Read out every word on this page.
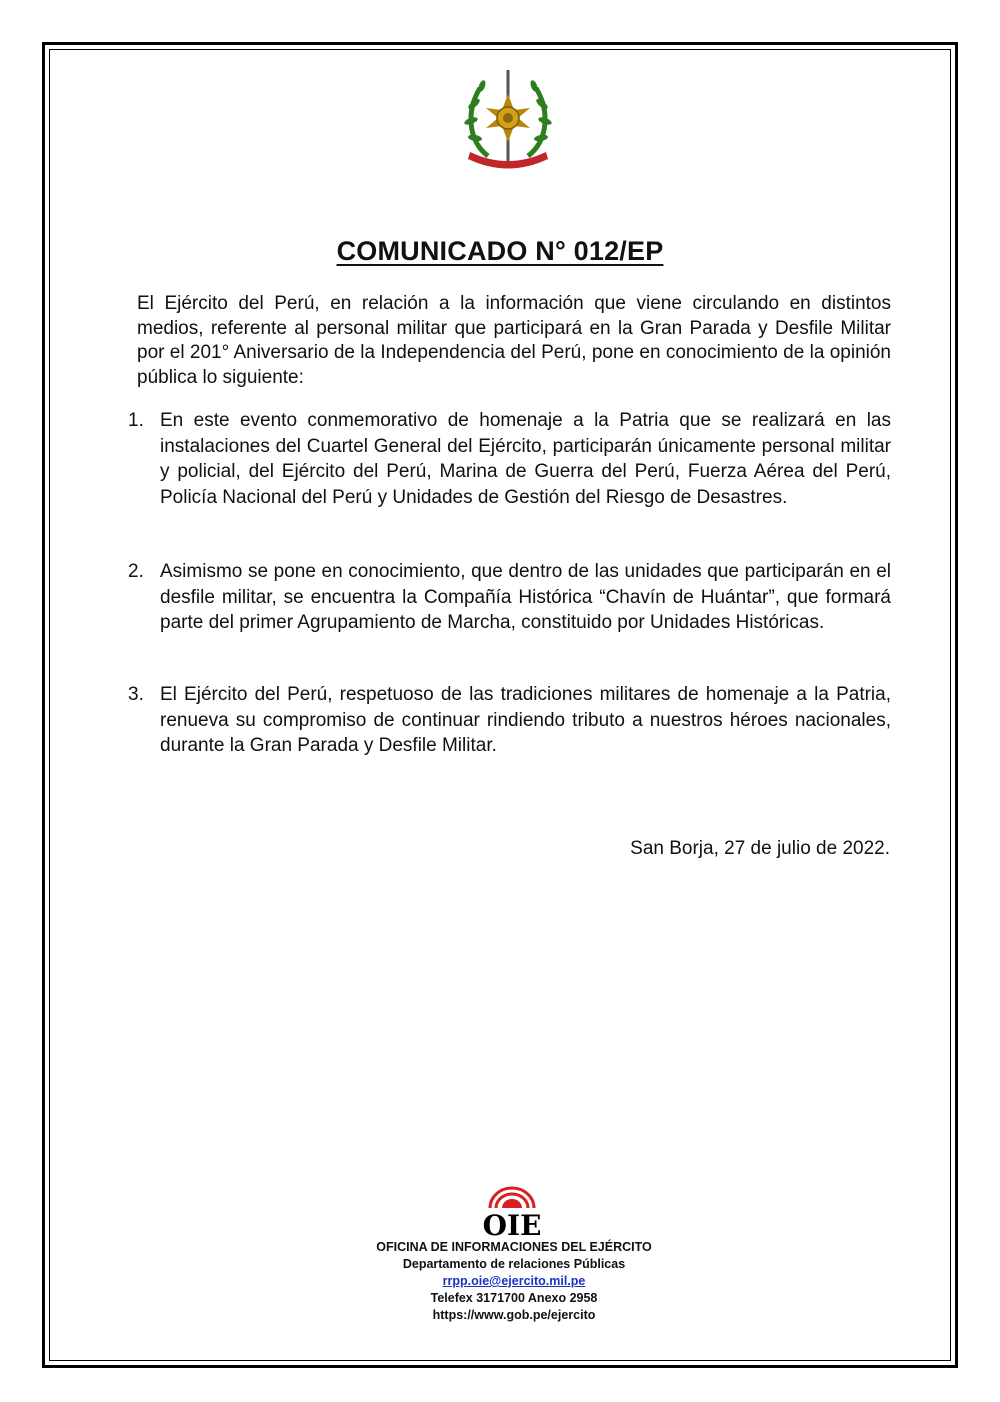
COMUNICADO N° 012/EP
El Ejército del Perú, en relación a la información que viene circulando en distintos medios, referente al personal militar que participará en la Gran Parada y Desfile Militar por el 201° Aniversario de la Independencia del Perú, pone en conocimiento de la opinión pública lo siguiente:
1. En este evento conmemorativo de homenaje a la Patria que se realizará en las instalaciones del Cuartel General del Ejército, participarán únicamente personal militar y policial, del Ejército del Perú, Marina de Guerra del Perú, Fuerza Aérea del Perú, Policía Nacional del Perú y Unidades de Gestión del Riesgo de Desastres.
2. Asimismo se pone en conocimiento, que dentro de las unidades que participarán en el desfile militar, se encuentra la Compañía Histórica “Chavín de Huántar”, que formará parte del primer Agrupamiento de Marcha, constituido por Unidades Históricas.
3. El Ejército del Perú, respetuoso de las tradiciones militares de homenaje a la Patria, renueva su compromiso de continuar rindiendo tributo a nuestros héroes nacionales, durante la Gran Parada y Desfile Militar.
San Borja, 27 de julio de 2022.
OIE
OFICINA DE INFORMACIONES DEL EJÉRCITO
Departamento de relaciones Públicas
rrpp.oie@ejercito.mil.pe
Telefex 3171700 Anexo 2958
https://www.gob.pe/ejercito
